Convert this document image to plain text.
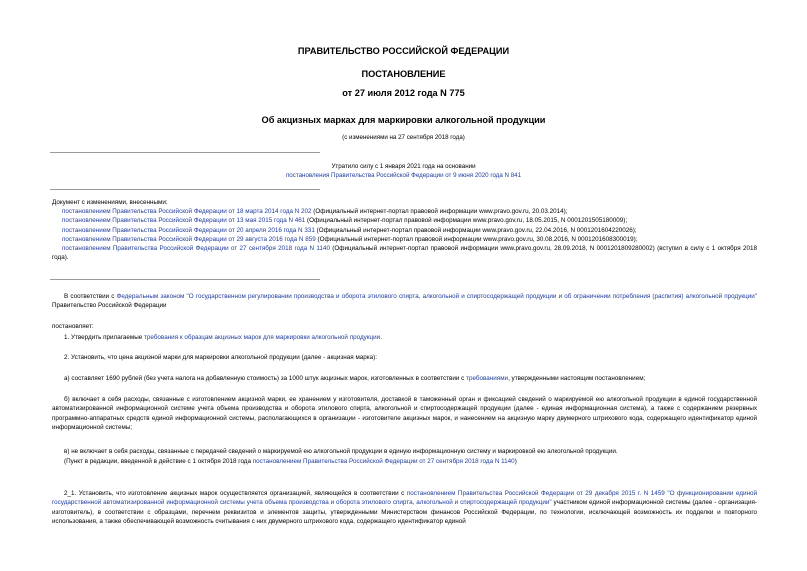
ПРАВИТЕЛЬСТВО РОССИЙСКОЙ ФЕДЕРАЦИИ
ПОСТАНОВЛЕНИЕ
от 27 июля 2012 года N 775
Об акцизных марках для маркировки алкогольной продукции
(с изменениями на 27 сентября 2018 года)
Утратило силу с 1 января 2021 года на основании
постановления Правительства Российской Федерации от 9 июня 2020 года N 841
Документ с изменениями, внесенными:
постановлением Правительства Российской Федерации от 18 марта 2014 года N 202 (Официальный интернет-портал правовой информации www.pravo.gov.ru, 20.03.2014);
постановлением Правительства Российской Федерации от 13 мая 2015 года N 461 (Официальный интернет-портал правовой информации www.pravo.gov.ru, 18.05.2015, N 0001201505180009);
постановлением Правительства Российской Федерации от 20 апреля 2016 года N 331 (Официальный интернет-портал правовой информации www.pravo.gov.ru, 22.04.2016, N 0001201604220026);
постановлением Правительства Российской Федерации от 29 августа 2016 года N 859 (Официальный интернет-портал правовой информации www.pravo.gov.ru, 30.08.2016, N 0001201608300019);
постановлением Правительства Российской Федерации от 27 сентября 2018 года N 1140 (Официальный интернет-портал правовой информации www.pravo.gov.ru, 28.09.2018, N 0001201809280002) (вступил в силу с 1 октября 2018 года).
В соответствии с Федеральным законом "О государственном регулировании производства и оборота этилового спирта, алкогольной и спиртосодержащей продукции и об ограничении потребления (распития) алкогольной продукции" Правительство Российской Федерации
постановляет:
1. Утвердить прилагаемые требования к образцам акцизных марок для маркировки алкогольной продукции.
2. Установить, что цена акцизной марки для маркировки алкогольной продукции (далее - акцизная марка):
а) составляет 1690 рублей (без учета налога на добавленную стоимость) за 1000 штук акцизных марок, изготовленных в соответствии с требованиями, утвержденными настоящим постановлением;
б) включает в себя расходы, связанные с изготовлением акцизной марки, ее хранением у изготовителя, доставкой в таможенный орган и фиксацией сведений о маркируемой ею алкогольной продукции в единой государственной автоматизированной информационной системе учета объема производства и оборота этилового спирта, алкогольной и спиртосодержащей продукции (далее - единая информационная система), а также с содержанием резервных программно-аппаратных средств единой информационной системы, располагающихся в организации - изготовителе акцизных марок, и нанесением на акцизную марку двумерного штрихового кода, содержащего идентификатор единой информационной системы;
в) не включает в себя расходы, связанные с передачей сведений о маркируемой ею алкогольной продукции в единую информационную систему и маркировкой ею алкогольной продукции.
(Пункт в редакции, введенной в действие с 1 октября 2018 года постановлением Правительства Российской Федерации от 27 сентября 2018 года N 1140)
2_1. Установить, что изготовление акцизных марок осуществляется организацией, являющейся в соответствии с постановлением Правительства Российской Федерации от 29 декабря 2015 г. N 1459 "О функционировании единой государственной автоматизированной информационной системы учета объема производства и оборота этилового спирта, алкогольной и спиртосодержащей продукции" участником единой информационной системы (далее - организация-изготовитель), в соответствии с образцами, перечнем реквизитов и элементов защиты, утвержденными Министерством финансов Российской Федерации, по технологии, исключающей возможность их подделки и повторного использования, а также обеспечивающей возможность считывания с них двумерного штрихового кода, содержащего идентификатор единой
